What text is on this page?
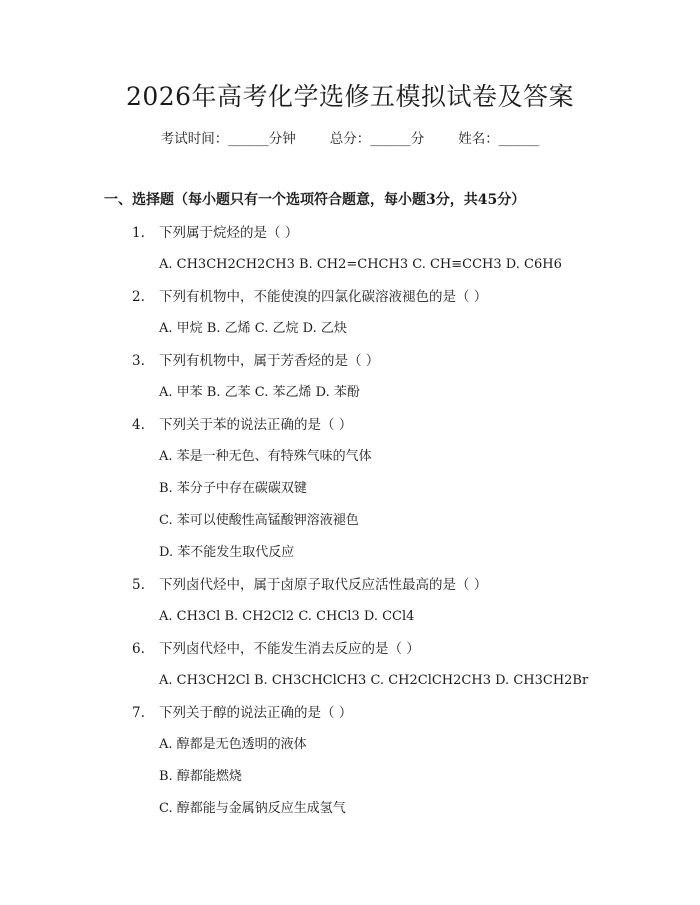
2026年高考化学选修五模拟试卷及答案
考试时间：______分钟	总分：______分	姓名：______
一、选择题（每小题只有一个选项符合题意，每小题3分，共45分）
1. 下列属于烷烃的是（ ）
A. CH3CH2CH2CH3 B. CH2=CHCH3 C. CH≡CCH3 D. C6H6
2. 下列有机物中，不能使溴的四氯化碳溶液褪色的是（ ）
A. 甲烷 B. 乙烯 C. 乙烷 D. 乙炔
3. 下列有机物中，属于芳香烃的是（ ）
A. 甲苯 B. 乙苯 C. 苯乙烯 D. 苯酚
4. 下列关于苯的说法正确的是（ ）
A. 苯是一种无色、有特殊气味的气体
B. 苯分子中存在碳碳双键
C. 苯可以使酸性高锰酸钾溶液褪色
D. 苯不能发生取代反应
5. 下列卤代烃中，属于卤原子取代反应活性最高的是（ ）
A. CH3Cl B. CH2Cl2 C. CHCl3 D. CCl4
6. 下列卤代烃中，不能发生消去反应的是（ ）
A. CH3CH2Cl B. CH3CHClCH3 C. CH2ClCH2CH3 D. CH3CH2Br
7. 下列关于醇的说法正确的是（ ）
A. 醇都是无色透明的液体
B. 醇都能燃烧
C. 醇都能与金属钠反应生成氢气
